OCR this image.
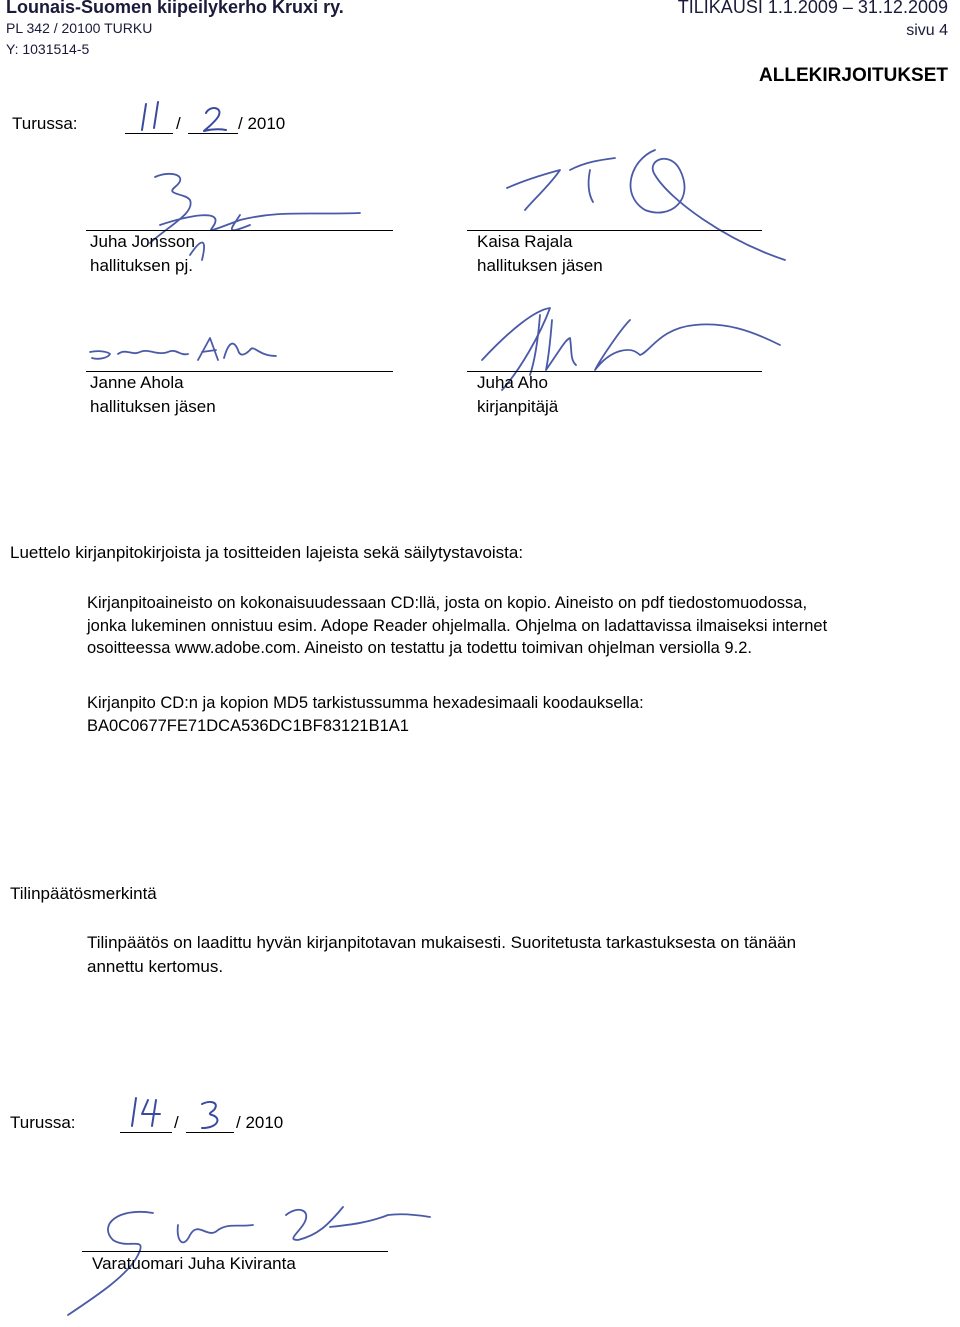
Lounais-Suomen kiipeilykerho Kruxi ry.
PL 342 / 20100 TURKU
Y: 1031514-5
TILIKAUSI 1.1.2009 – 31.12.2009
sivu 4
ALLEKIRJOITUKSET
Turussa:	/	/ 2010
Juha Jonsson
hallituksen pj.
Kaisa Rajala
hallituksen jäsen
Janne Ahola
hallituksen jäsen
Juha Aho
kirjanpitäjä
Luettelo kirjanpitokirjoista ja tositteiden lajeista sekä säilytystavoista:
Kirjanpitoaineisto on kokonaisuudessaan CD:llä, josta on kopio. Aineisto on pdf tiedostomuodossa,
jonka lukeminen onnistuu esim. Adope Reader ohjelmalla. Ohjelma on ladattavissa ilmaiseksi internet
osoitteessa www.adobe.com. Aineisto on testattu ja todettu toimivan ohjelman versiolla 9.2.
Kirjanpito CD:n ja kopion MD5 tarkistussumma hexadesimaali koodauksella:
BA0C0677FE71DCA536DC1BF83121B1A1
Tilinpäätösmerkintä
Tilinpäätös on laadittu hyvän kirjanpitotavan mukaisesti. Suoritetusta tarkastuksesta on tänään
annettu kertomus.
Turussa:	/	/ 2010
Varatuomari Juha Kiviranta
